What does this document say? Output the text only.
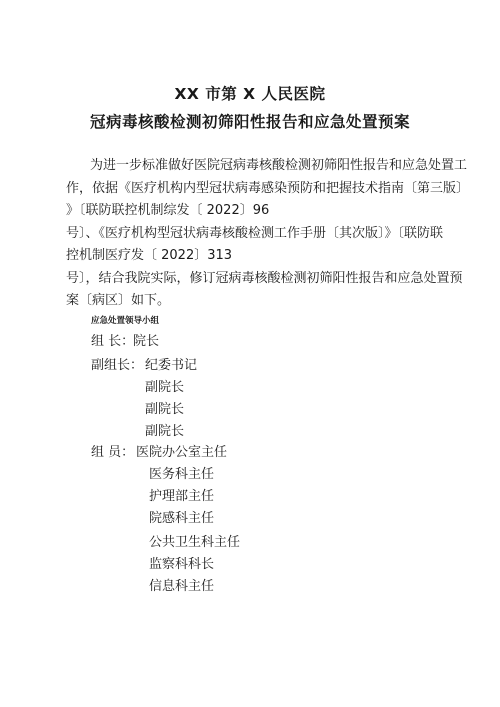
XX 市第 X 人民医院
冠病毒核酸检测初筛阳性报告和应急处置预案
为进一步标准做好医院冠病毒核酸检测初筛阳性报告和应急处置工
作，依据《医疗机构内型冠状病毒感染预防和把握技术指南〔第三版〕
》〔联防联控机制综发〔 2022〕96
号〕、《医疗机构型冠状病毒核酸检测工作手册〔其次版〕》〔联防联
控机制医疗发〔 2022〕313
号〕，结合我院实际，修订冠病毒核酸检测初筛阳性报告和应急处置预
案〔病区〕如下。
应急处置领导小组
组 长：
院长
副组长： 纪委书记
副院长
副院长
副院长
组 员： 医院办公室主任
医务科主任
护理部主任
院感科主任
公共卫生科主任
监察科科长
信息科主任
